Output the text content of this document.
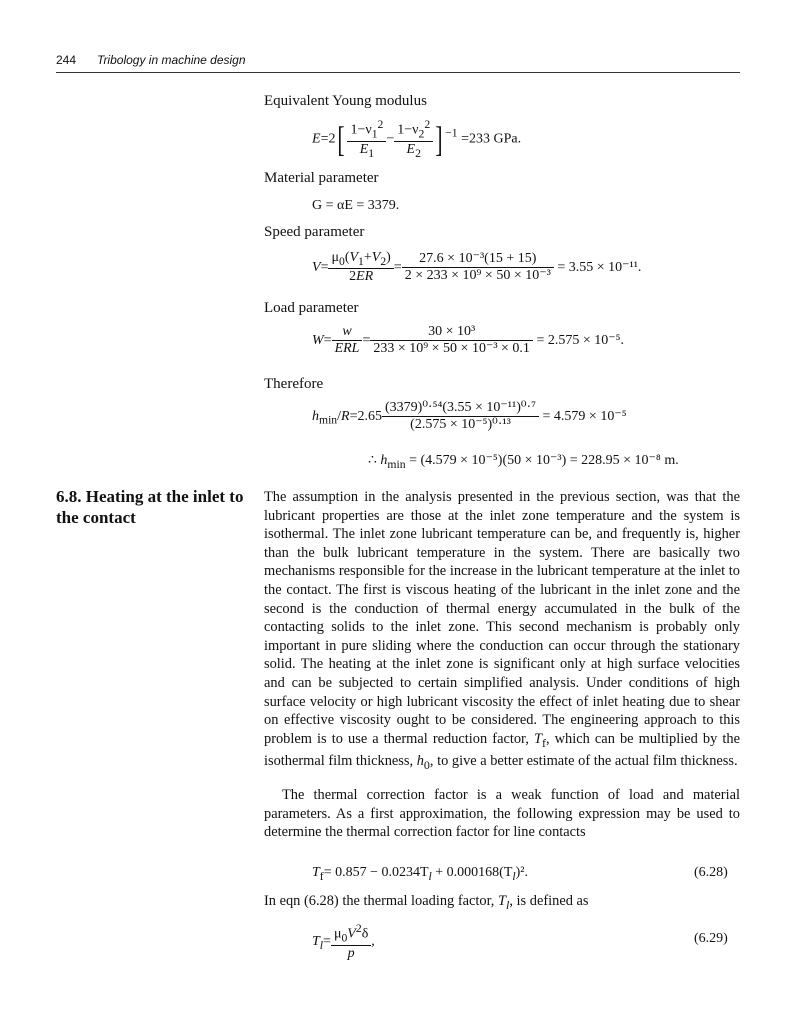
244 Tribology in machine design
Equivalent Young modulus
$E=2[ \frac{1-\nu_1^2}{E_1} - \frac{1-\nu_2^2}{E_2}$ ] $^{-1}$ =233 GPa.
Material parameter
G = αE = 3379.
Speed parameter
$V= \frac{\mu_0(V_1+V_2)}{2ER} = \frac{\text{27.6 × 10⁻³(15 + 15)}}{\text{2 × 233 × 10⁹ × 50 × 10⁻³}} = 3.55 \times 10^{-11}$.
Load parameter
$W= \frac{w}{\text{ERL}} = \frac{\text{30 × 10³}}{\text{233 × 10⁹ × 50 × 10⁻³ × 0.1}} = 2.575 \times 10^{-5}$.
Therefore
$h_{min}/R=2.65 \frac{\text{(3379)⁰·⁵⁴(3.55 × 10⁻¹¹)⁰·⁷}}{\text{(2.575 × 10⁻⁵)⁰·¹³}} = 4.579 \times 10^{-5}$
∴ $h_{min} = (4.579 \times 10^{-5})(50 \times 10^{-3}) = 228.95 \times 10^{-8}$ m.
6.8. Heating at the inlet to the contact
The assumption in the analysis presented in the previous section, was that the lubricant properties are those at the inlet zone temperature and the system is isothermal. The inlet zone lubricant temperature can be, and frequently is, higher than the bulk lubricant temperature in the system. There are basically two mechanisms responsible for the increase in the lubricant temperature at the inlet to the contact. The first is viscous heating of the lubricant in the inlet zone and the second is the conduction of thermal energy accumulated in the bulk of the contacting solids to the inlet zone. This second mechanism is probably only important in pure sliding where the conduction can occur through the stationary solid. The heating at the inlet zone is significant only at high surface velocities and can be subjected to certain simplified analysis. Under conditions of high surface velocity or high lubricant viscosity the effect of inlet heating due to shear on effective viscosity ought to be considered. The engineering approach to this problem is to use a thermal reduction factor, $T_f$, which can be multiplied by the isothermal film thickness, $h_0$, to give a better estimate of the actual film thickness.
The thermal correction factor is a weak function of load and material parameters. As a first approximation, the following expression may be used to determine the thermal correction factor for line contacts
$T_f= 0.857 - 0.0234T_l + 0.000168(T_l)^2$.	(6.28)
In eqn (6.28) the thermal loading factor, $T_l$, is defined as
$T_l= \frac{\mu_0V^2\delta}{p}$ ,	(6.29)
